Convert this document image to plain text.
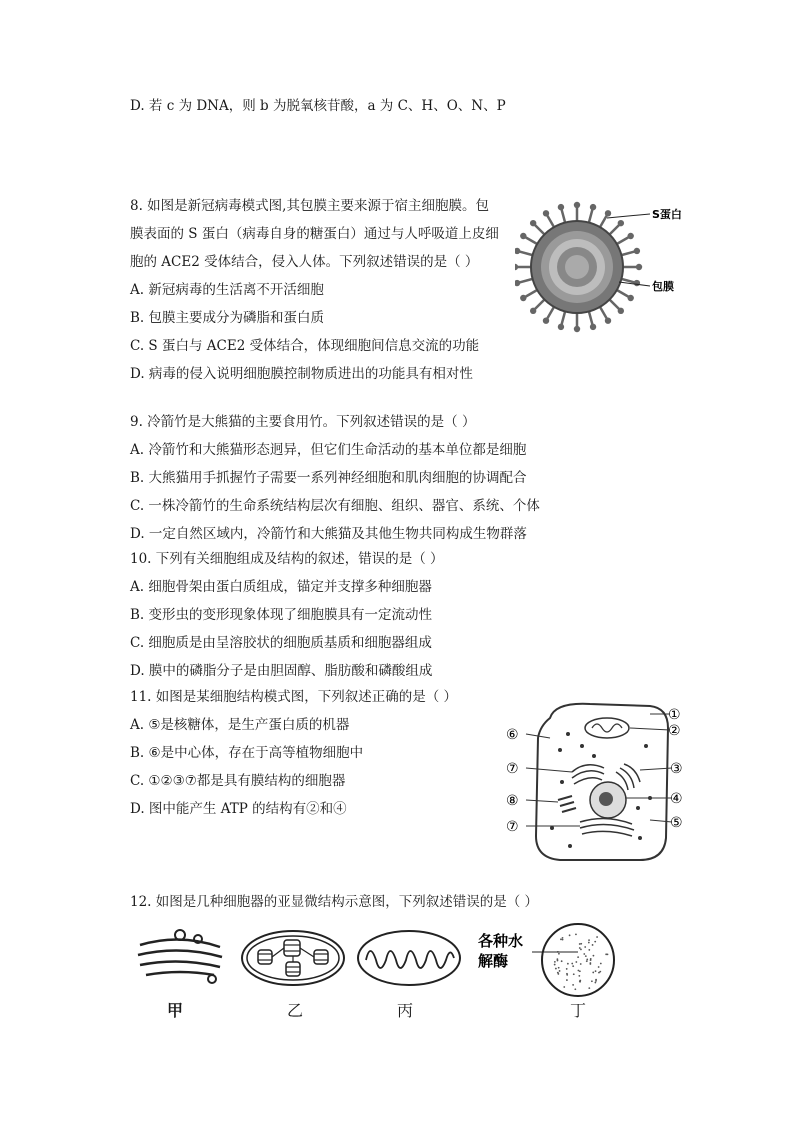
D. 若 c 为 DNA，则 b 为脱氧核苷酸，a 为 C、H、O、N、P
8. 如图是新冠病毒模式图,其包膜主要来源于宿主细胞膜。包
膜表面的 S 蛋白（病毒自身的糖蛋白）通过与人呼吸道上皮细
胞的 ACE2 受体结合，侵入人体。下列叙述错误的是（ ）
A. 新冠病毒的生活离不开活细胞
B. 包膜主要成分为磷脂和蛋白质
C. S 蛋白与 ACE2 受体结合，体现细胞间信息交流的功能
D. 病毒的侵入说明细胞膜控制物质进出的功能具有相对性
S蛋白
包膜
9. 冷箭竹是大熊猫的主要食用竹。下列叙述错误的是（ ）
A. 冷箭竹和大熊猫形态迥异，但它们生命活动的基本单位都是细胞
B. 大熊猫用手抓握竹子需要一系列神经细胞和肌肉细胞的协调配合
C. 一株冷箭竹的生命系统结构层次有细胞、组织、器官、系统、个体
D. 一定自然区域内，冷箭竹和大熊猫及其他生物共同构成生物群落
10. 下列有关细胞组成及结构的叙述，错误的是（ ）
A. 细胞骨架由蛋白质组成，锚定并支撑多种细胞器
B. 变形虫的变形现象体现了细胞膜具有一定流动性
C. 细胞质是由呈溶胶状的细胞质基质和细胞器组成
D. 膜中的磷脂分子是由胆固醇、脂肪酸和磷酸组成
11. 如图是某细胞结构模式图，下列叙述正确的是（ ）
A. ⑤是核糖体，是生产蛋白质的机器
B. ⑥是中心体，存在于高等植物细胞中
C. ①②③⑦都是具有膜结构的细胞器
D. 图中能产生 ATP 的结构有②和④
①
②
③
④
⑤
⑥
⑦
⑦
⑧
12. 如图是几种细胞器的亚显微结构示意图，下列叙述错误的是（ ）
各种水
解酶
甲	乙	丙	丁
